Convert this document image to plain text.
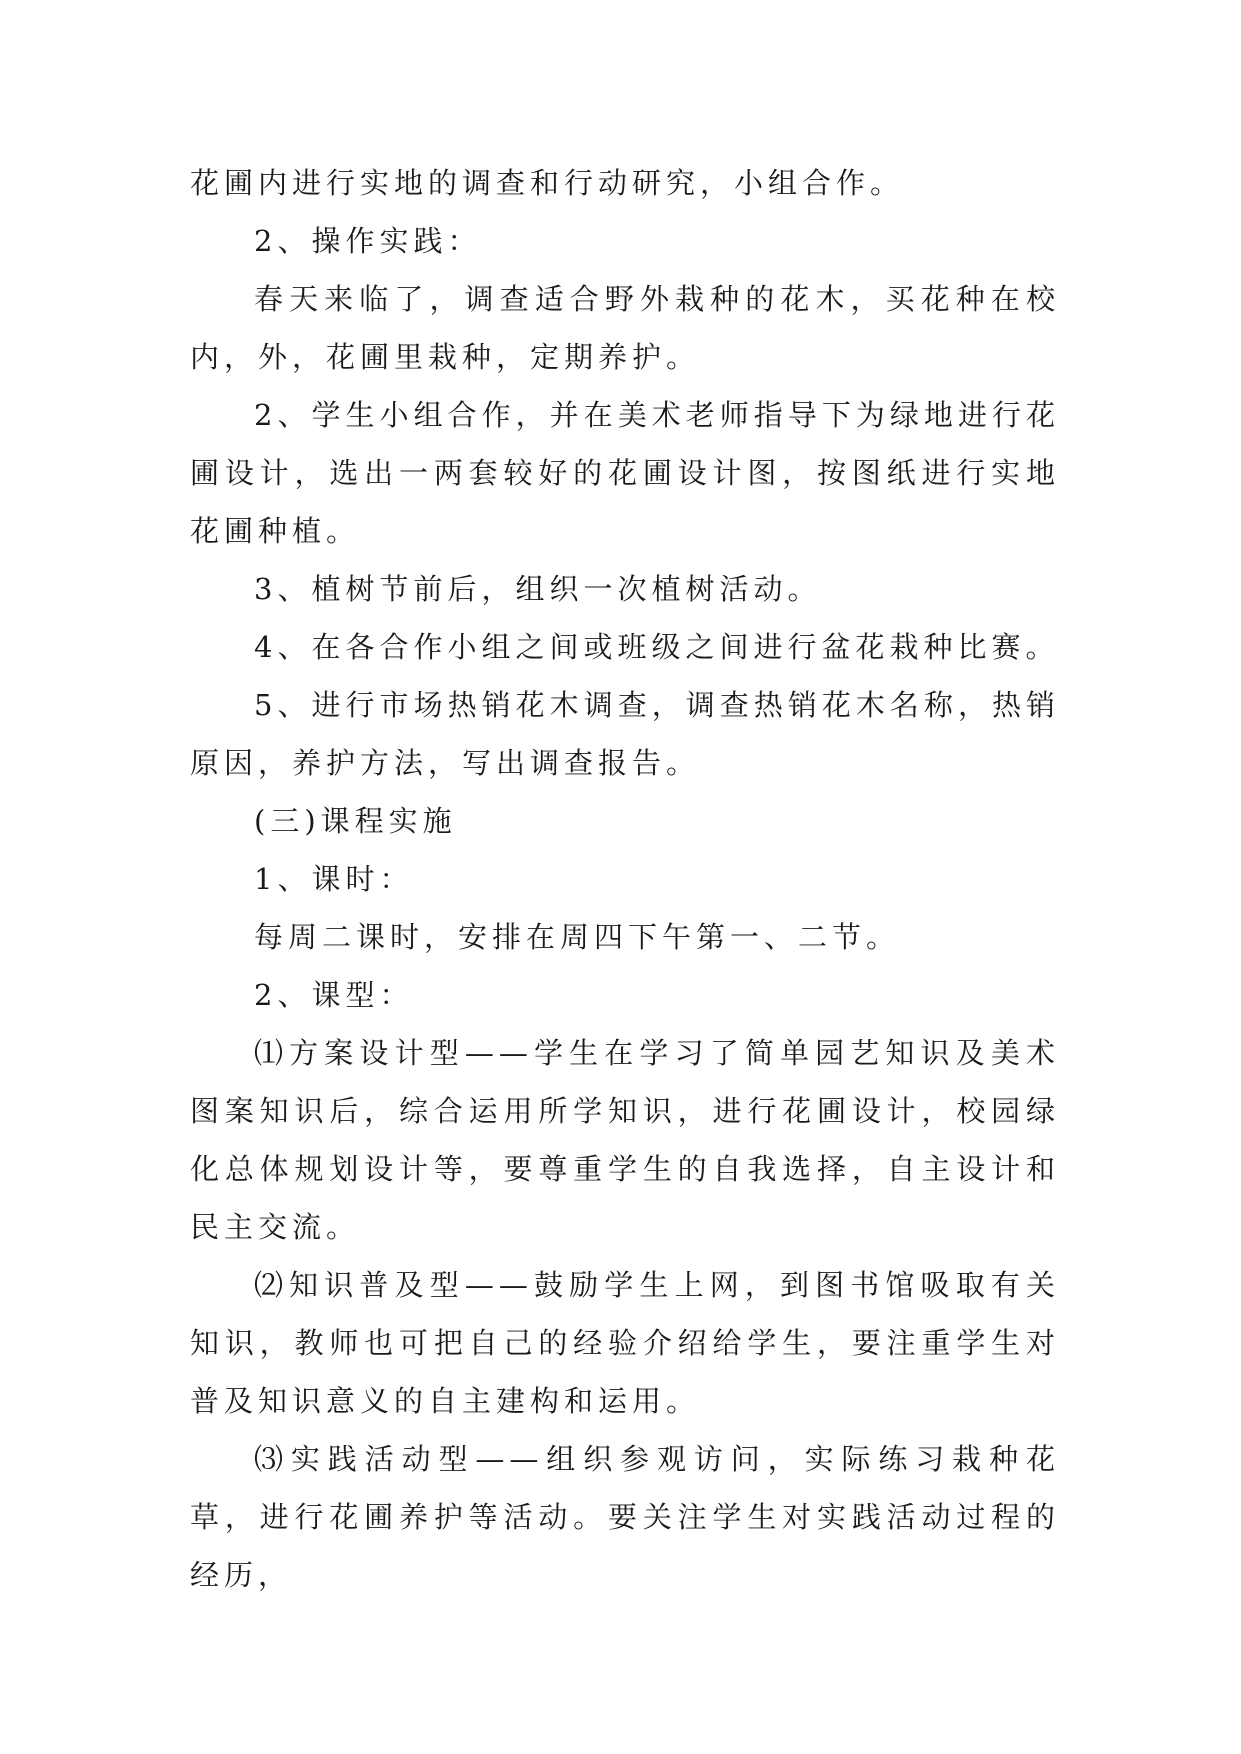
花圃内进行实地的调查和行动研究，小组合作。

2、操作实践：

春天来临了，调查适合野外栽种的花木，买花种在校内，外，花圃里栽种，定期养护。

2、学生小组合作，并在美术老师指导下为绿地进行花圃设计，选出一两套较好的花圃设计图，按图纸进行实地花圃种植。

3、植树节前后，组织一次植树活动。

4、在各合作小组之间或班级之间进行盆花栽种比赛。

5、进行市场热销花木调查，调查热销花木名称，热销原因，养护方法，写出调查报告。

(三)课程实施

1、课时：

每周二课时，安排在周四下午第一、二节。

2、课型：

⑴方案设计型——学生在学习了简单园艺知识及美术图案知识后，综合运用所学知识，进行花圃设计，校园绿化总体规划设计等，要尊重学生的自我选择，自主设计和民主交流。

⑵知识普及型——鼓励学生上网，到图书馆吸取有关知识，教师也可把自己的经验介绍给学生，要注重学生对普及知识意义的自主建构和运用。

⑶实践活动型——组织参观访问，实际练习栽种花草，进行花圃养护等活动。要关注学生对实践活动过程的经历，
